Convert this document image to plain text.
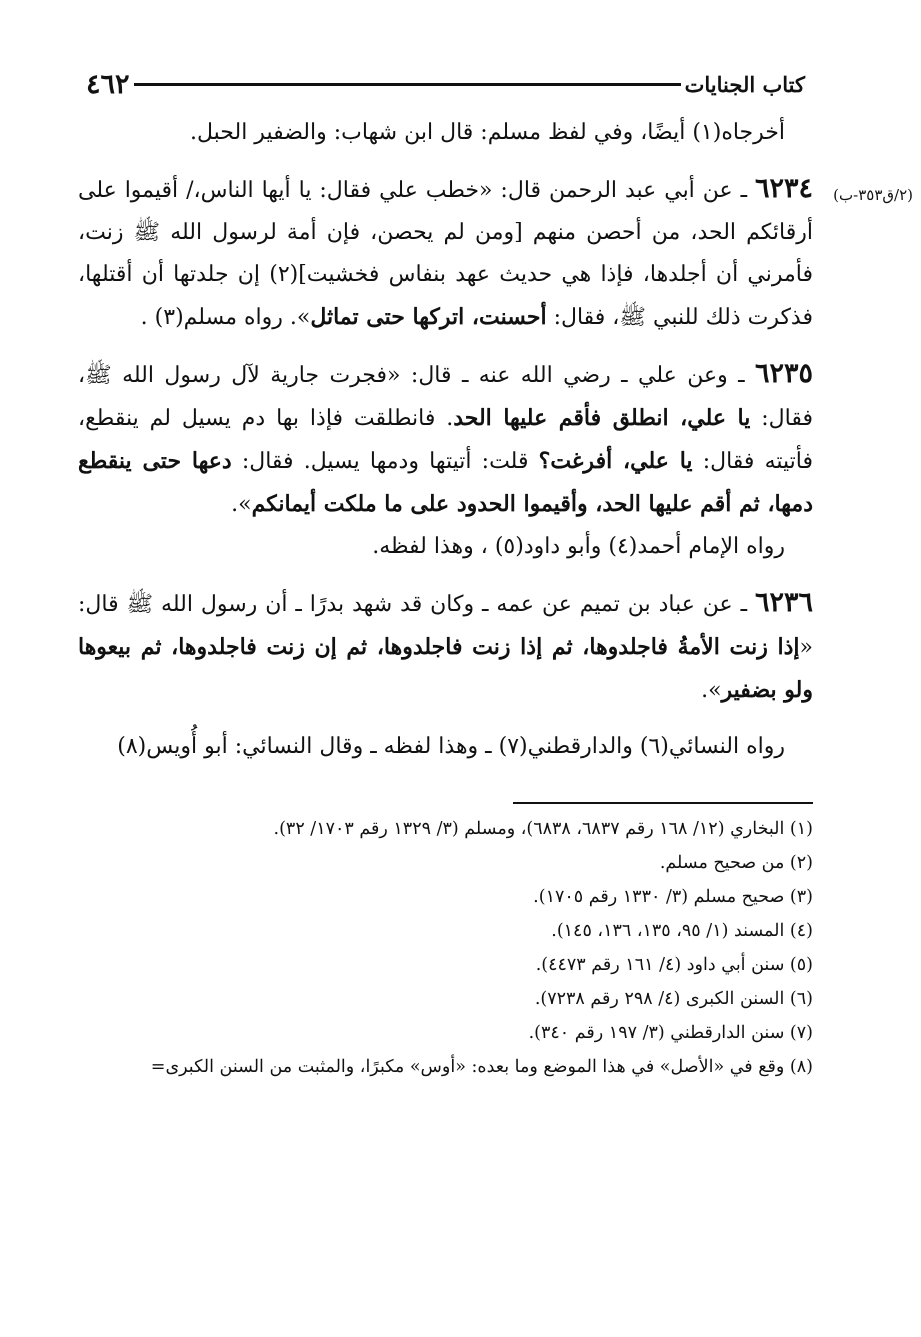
كتاب الجنايات
٤٦٢

أخرجاه(١) أيضًا، وفي لفظ مسلم: قال ابن شهاب: والضفير الحبل.

(٢/ق٣٥٣-ب)
٦٢٣٤ ـ عن أبي عبد الرحمن قال: «خطب علي فقال: يا أيها الناس،/ أقيموا على أرقائكم الحد، من أحصن منهم [ومن لم يحصن، فإن أمة لرسول الله ﷺ زنت، فأمرني أن أجلدها، فإذا هي حديث عهد بنفاس فخشيت](٢) إن جلدتها أن أقتلها، فذكرت ذلك للنبي ﷺ، فقال: أحسنت، اتركها حتى تماثل». رواه مسلم(٣) .

٦٢٣٥ ـ وعن علي ـ رضي الله عنه ـ قال: «فجرت جارية لآل رسول الله ﷺ، فقال: يا علي، انطلق فأقم عليها الحد. فانطلقت فإذا بها دم يسيل لم ينقطع، فأتيته فقال: يا علي، أفرغت؟ قلت: أتيتها ودمها يسيل. فقال: دعها حتى ينقطع دمها، ثم أقم عليها الحد، وأقيموا الحدود على ما ملكت أيمانكم».

رواه الإمام أحمد(٤) وأبو داود(٥) ، وهذا لفظه.

٦٢٣٦ ـ عن عباد بن تميم عن عمه ـ وكان قد شهد بدرًا ـ أن رسول الله ﷺ قال: «إذا زنت الأمةُ فاجلدوها، ثم إذا زنت فاجلدوها، ثم إن زنت فاجلدوها، ثم بيعوها ولو بضفير».

رواه النسائي(٦) والدارقطني(٧) ـ وهذا لفظه ـ وقال النسائي: أبو أُويس(٨)

(١) البخاري (١٢/ ١٦٨ رقم ٦٨٣٧، ٦٨٣٨)، ومسلم (٣/ ١٣٢٩ رقم ١٧٠٣/ ٣٢).

(٢) من صحيح مسلم.

(٣) صحيح مسلم (٣/ ١٣٣٠ رقم ١٧٠٥).

(٤) المسند (١/ ٩٥، ١٣٥، ١٣٦، ١٤٥).

(٥) سنن أبي داود (٤/ ١٦١ رقم ٤٤٧٣).

(٦) السنن الكبرى (٤/ ٢٩٨ رقم ٧٢٣٨).

(٧) سنن الدارقطني (٣/ ١٩٧ رقم ٣٤٠).

(٨) وقع في «الأصل» في هذا الموضع وما بعده: «أوس» مكبرًا، والمثبت من السنن الكبرى=
